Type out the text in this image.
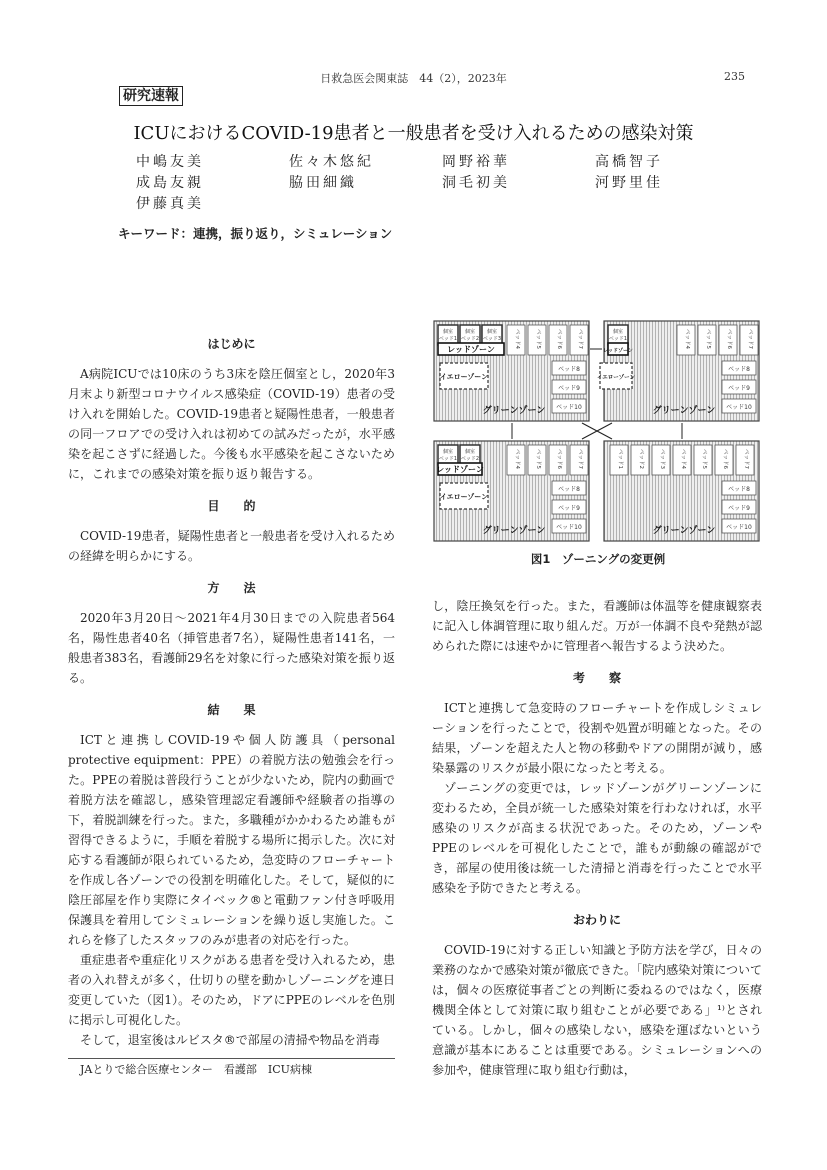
日救急医会関東誌　44（2），2023年	235
研究速報
ICUにおけるCOVID-19患者と一般患者を受け入れるための感染対策
中嶋友美	佐々木悠紀	岡野裕華	高橋智子
成島友親	脇田細織	洞毛初美	河野里佳
伊藤真美
キーワード：連携，振り返り，シミュレーション
はじめに

A病院ICUでは10床のうち3床を陰圧個室とし，2020年3月末より新型コロナウイルス感染症（COVID-19）患者の受け入れを開始した。COVID-19患者と疑陽性患者，一般患者の同一フロアでの受け入れは初めての試みだったが，水平感染を起こさずに経過した。今後も水平感染を起こさないために，これまでの感染対策を振り返り報告する。

目　　的

COVID-19患者，疑陽性患者と一般患者を受け入れるための経緯を明らかにする。

方　　法

2020年3月20日～2021年4月30日までの入院患者564名，陽性患者40名（挿管患者7名），疑陽性患者141名，一般患者383名，看護師29名を対象に行った感染対策を振り返る。

結　　果

ICTと連携しCOVID-19や個人防護具（personal protective equipment：PPE）の着脱方法の勉強会を行った。PPEの着脱は普段行うことが少ないため，院内の動画で着脱方法を確認し，感染管理認定看護師や経験者の指導の下，着脱訓練を行った。また，多職種がかかわるため誰もが習得できるように，手順を着脱する場所に掲示した。次に対応する看護師が限られているため，急変時のフローチャートを作成し各ゾーンでの役割を明確化した。そして，疑似的に陰圧部屋を作り実際にタイベック®と電動ファン付き呼吸用保護具を着用してシミュレーションを繰り返し実施した。これらを修了したスタッフのみが患者の対応を行った。

重症患者や重症化リスクがある患者を受け入れるため，患者の入れ替えが多く，仕切りの壁を動かしゾーニングを連日変更していた（図1）。そのため，ドアにPPEのレベルを色別に掲示し可視化した。

そして，退室後はルビスタ®で部屋の清掃や物品を消毒

し，陰圧換気を行った。また，看護師は体温等を健康観察表に記入し体調管理に取り組んだ。万が一体調不良や発熱が認められた際には速やかに管理者へ報告するよう決めた。

考　　察

ICTと連携して急変時のフローチャートを作成しシミュレーションを行ったことで，役割や処置が明確となった。その結果，ゾーンを超えた人と物の移動やドアの開閉が減り，感染暴露のリスクが最小限になったと考える。

ゾーニングの変更では，レッドゾーンがグリーンゾーンに変わるため，全員が統一した感染対策を行わなければ，水平感染のリスクが高まる状況であった。そのため，ゾーンやPPEのレベルを可視化したことで，誰もが動線の確認ができ，部屋の使用後は統一した清掃と消毒を行ったことで水平感染を予防できたと考える。

おわりに

COVID-19に対する正しい知識と予防方法を学び，日々の業務のなかで感染対策が徹底できた。「院内感染対策については，個々の医療従事者ごとの判断に委ねるのではなく，医療機関全体として対策に取り組むことが必要である」¹⁾とされている。しかし，個々の感染しない，感染を運ばないという意識が基本にあることは重要である。シミュレーションへの参加や，健康管理に取り組む行動は，

ベッド4	ベッド5	ベッド6	ベッド7
ベッド8
ベッド9
ベッド10
個室
ベッド1
個室
ベッド2
個室
ベッド3
レッドゾーン
イエローゾーン
グリーンゾーン
ベッド4	ベッド5	ベッド6	ベッド7
ベッド8
ベッド9
ベッド10
個室
ベッド1
レッドゾーン
イエローゾーン
グリーンゾーン
ベッド4	ベッド5	ベッド6	ベッド7
ベッド8
ベッド9
ベッド10
個室
ベッド1
個室
ベッド2
レッドゾーン
イエローゾーン
グリーンゾーン
ベッド1	ベッド2	ベッド3	ベッド4	ベッド5	ベッド6	ベッド7
ベッド8
ベッド9
ベッド10
グリーンゾーン
図1　ゾーニングの変更例
JAとりで総合医療センター　看護部　ICU病棟
